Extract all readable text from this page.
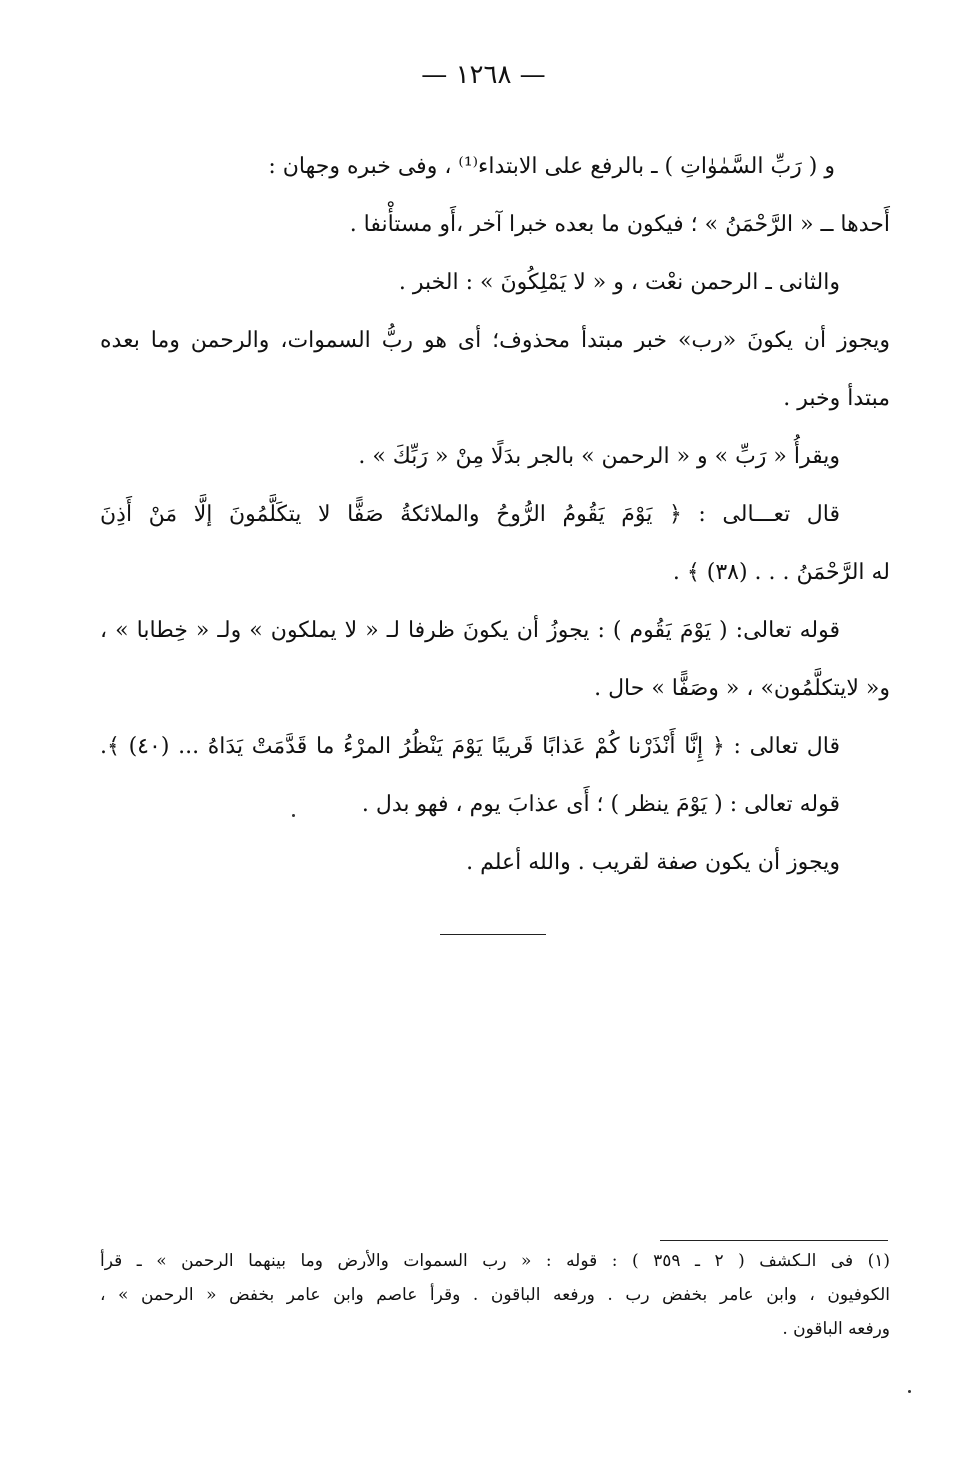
— ١٢٦٨ —
و ( رَبِّ السَّمٰوٰاتِ ) ـ بالرفع على الابتداء⁽¹⁾ ، وفى خبره وجهان :
أَحدها ــ « الرَّحْمَنُ » ؛ فيكون ما بعده خبرا آخر ،أَو مستأْنفا .
والثانى ـ الرحمن نعْت ، و « لا يَمْلِكُونَ » : الخبر .
ويجوز أن يكونَ «رب» خبر مبتدأ محذوف؛ أى هو ربُّ السموات، والرحمن وما بعده
مبتدأ وخبر .
ويقرأُ « رَبِّ » و « الرحمن » بالجر بدَلًا مِنْ « رَبِّكَ » .
قال تعـــالى : ﴿ يَوْمَ يَقُومُ الرُّوحُ والملائكةُ صَفًّا لا يتكَلَّمُونَ إلَّا مَنْ أَذِنَ
له الرَّحْمَنُ . . . (٣٨) ﴾ .
قوله تعالى: ( يَوْمَ يَقُوم ) : يجوزُ أن يكونَ ظرفا لـ « لا يملكون » ولـ « خِطابا » ،
و« لايتكلَّمُون» ، « وصَفًّا » حال .
قال تعالى : ﴿ إِنَّا أَنْذَرْنا كُمْ عَذابًا قَريبًا يَوْمَ يَنْظُرُ المرْءُ ما قَدَّمَتْ يَدَاهُ ... (٤٠) ﴾.
قوله تعالى : ( يَوْمَ ينظر ) ؛ أَى عذابَ يوم ، فهو بدل .
ويجوز أن يكون صفة لقريب . والله أعلم .
(١) فى الـكشف ( ٢ ـ ٣٥٩ ) : قوله : « رب السموات والأرض وما بينهما الرحمن » ـ قرأ
الكوفيون ، وابن عامر بخفض رب . ورفعه الباقون . وقرأ عاصم وابن عامر بخفض « الرحمن » ،
ورفعه الباقون .
